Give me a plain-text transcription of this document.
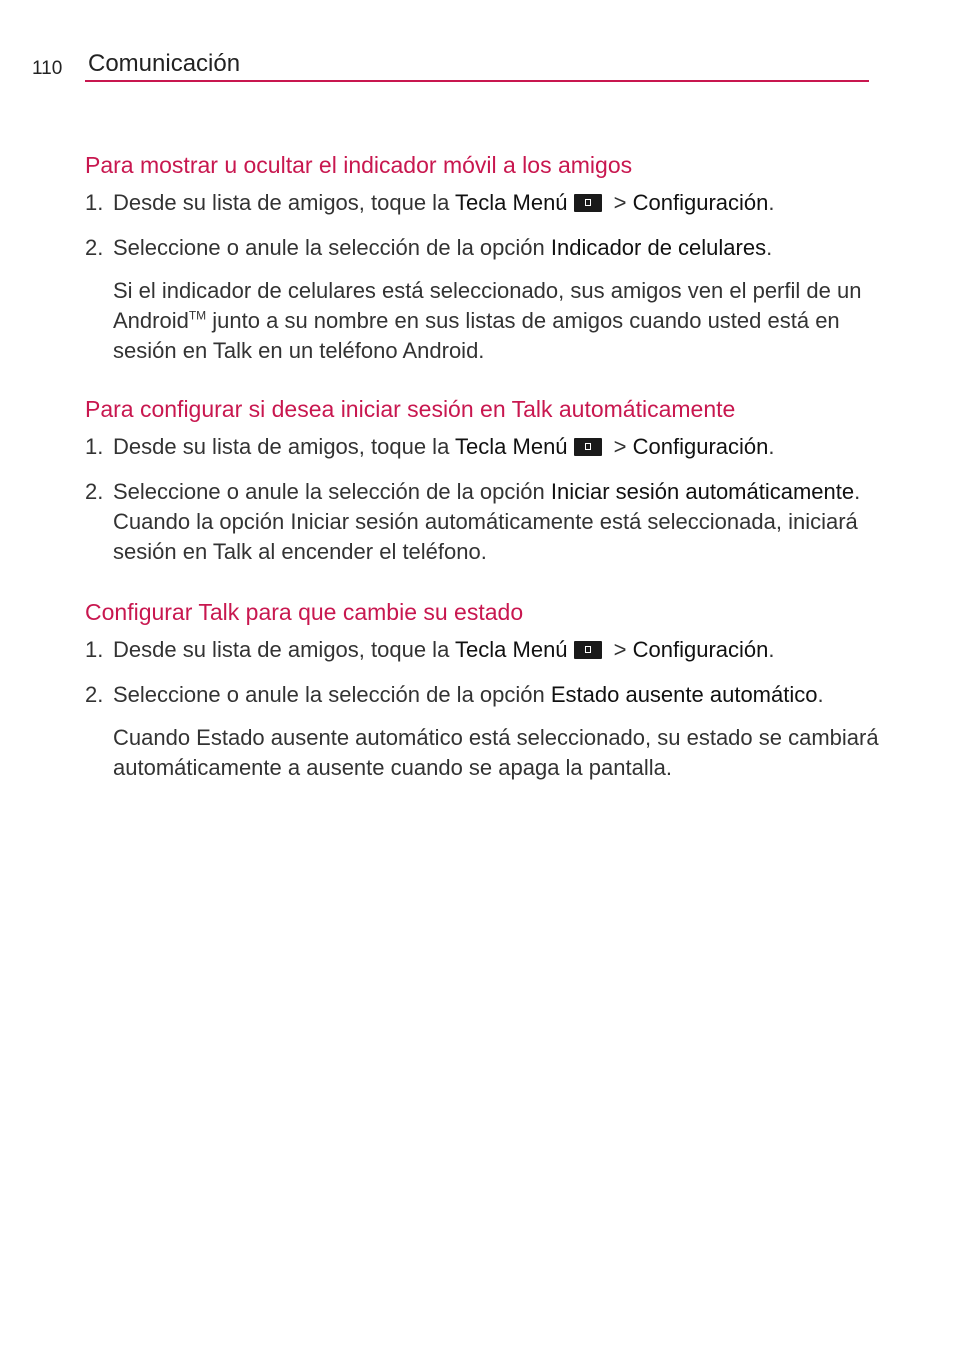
110 Comunicación
Para mostrar u ocultar el indicador móvil a los amigos
1. Desde su lista de amigos, toque la Tecla Menú > Configuración.
2. Seleccione o anule la selección de la opción Indicador de celulares.

Si el indicador de celulares está seleccionado, sus amigos ven el perfil de un Android™ junto a su nombre en sus listas de amigos cuando usted está en sesión en Talk en un teléfono Android.

Para configurar si desea iniciar sesión en Talk automáticamente
1. Desde su lista de amigos, toque la Tecla Menú > Configuración.
2. Seleccione o anule la selección de la opción Iniciar sesión automáticamente. Cuando la opción Iniciar sesión automáticamente está seleccionada, iniciará sesión en Talk al encender el teléfono.
Configurar Talk para que cambie su estado
1. Desde su lista de amigos, toque la Tecla Menú > Configuración.
2. Seleccione o anule la selección de la opción Estado ausente automático.

Cuando Estado ausente automático está seleccionado, su estado se cambiará automáticamente a ausente cuando se apaga la pantalla.
